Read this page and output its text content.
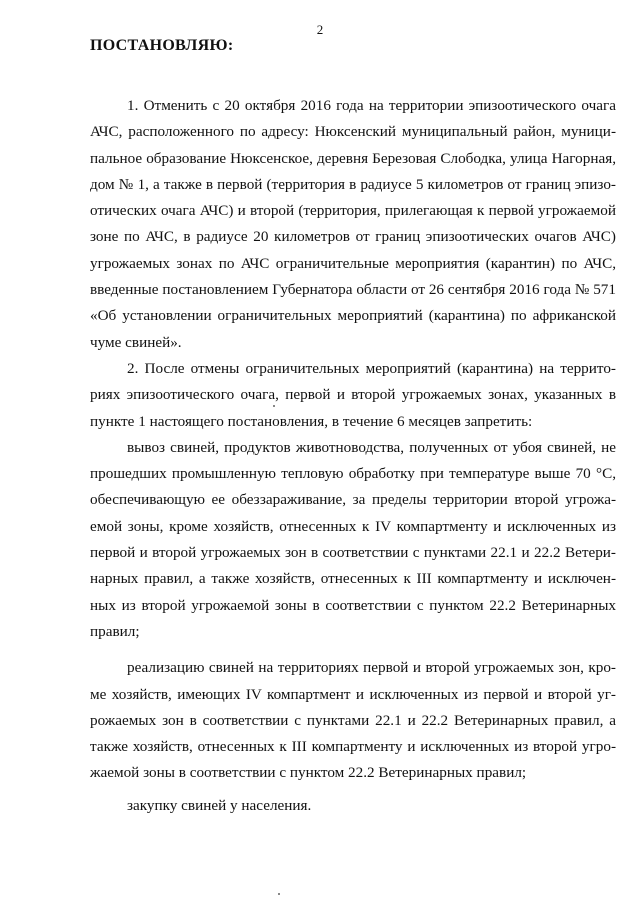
2
ПОСТАНОВЛЯЮ:
1. Отменить с 20 октября 2016 года на территории эпизоотического очага
АЧС, расположенного по адресу: Нюксенский муниципальный район, муници-
пальное образование Нюксенское, деревня Березовая Слободка, улица Нагорная,
дом № 1, а также в первой (территория в радиусе 5 километров от границ эпизо-
отических очага АЧС) и второй (территория, прилегающая к первой угрожаемой
зоне по АЧС, в радиусе 20 километров от границ эпизоотических очагов АЧС)
угрожаемых зонах по АЧС ограничительные мероприятия (карантин) по АЧС,
введенные постановлением Губернатора области от 26 сентября 2016 года № 571
«Об установлении ограничительных мероприятий (карантина) по африканской
чуме свиней».
2. После отмены ограничительных мероприятий (карантина) на террито-
риях эпизоотического очага, первой и второй угрожаемых зонах, указанных в
пункте 1 настоящего постановления, в течение 6 месяцев запретить:
вывоз свиней, продуктов животноводства, полученных от убоя свиней, не
прошедших промышленную тепловую обработку при температуре выше 70 °С,
обеспечивающую ее обеззараживание, за пределы территории второй угрожа-
емой зоны, кроме хозяйств, отнесенных к IV компартменту и исключенных из
первой и второй угрожаемых зон в соответствии с пунктами 22.1 и 22.2 Ветери-
нарных правил, а также хозяйств, отнесенных к III компартменту и исключен-
ных из второй угрожаемой зоны в соответствии с пунктом 22.2 Ветеринарных
правил;
реализацию свиней на территориях первой и второй угрожаемых зон, кро-
ме хозяйств, имеющих IV компартмент и исключенных из первой и второй уг-
рожаемых зон в соответствии с пунктами 22.1 и 22.2 Ветеринарных правил, а
также хозяйств, отнесенных к III компартменту и исключенных из второй угро-
жаемой зоны в соответствии с пунктом 22.2 Ветеринарных правил;
закупку свиней у населения.
